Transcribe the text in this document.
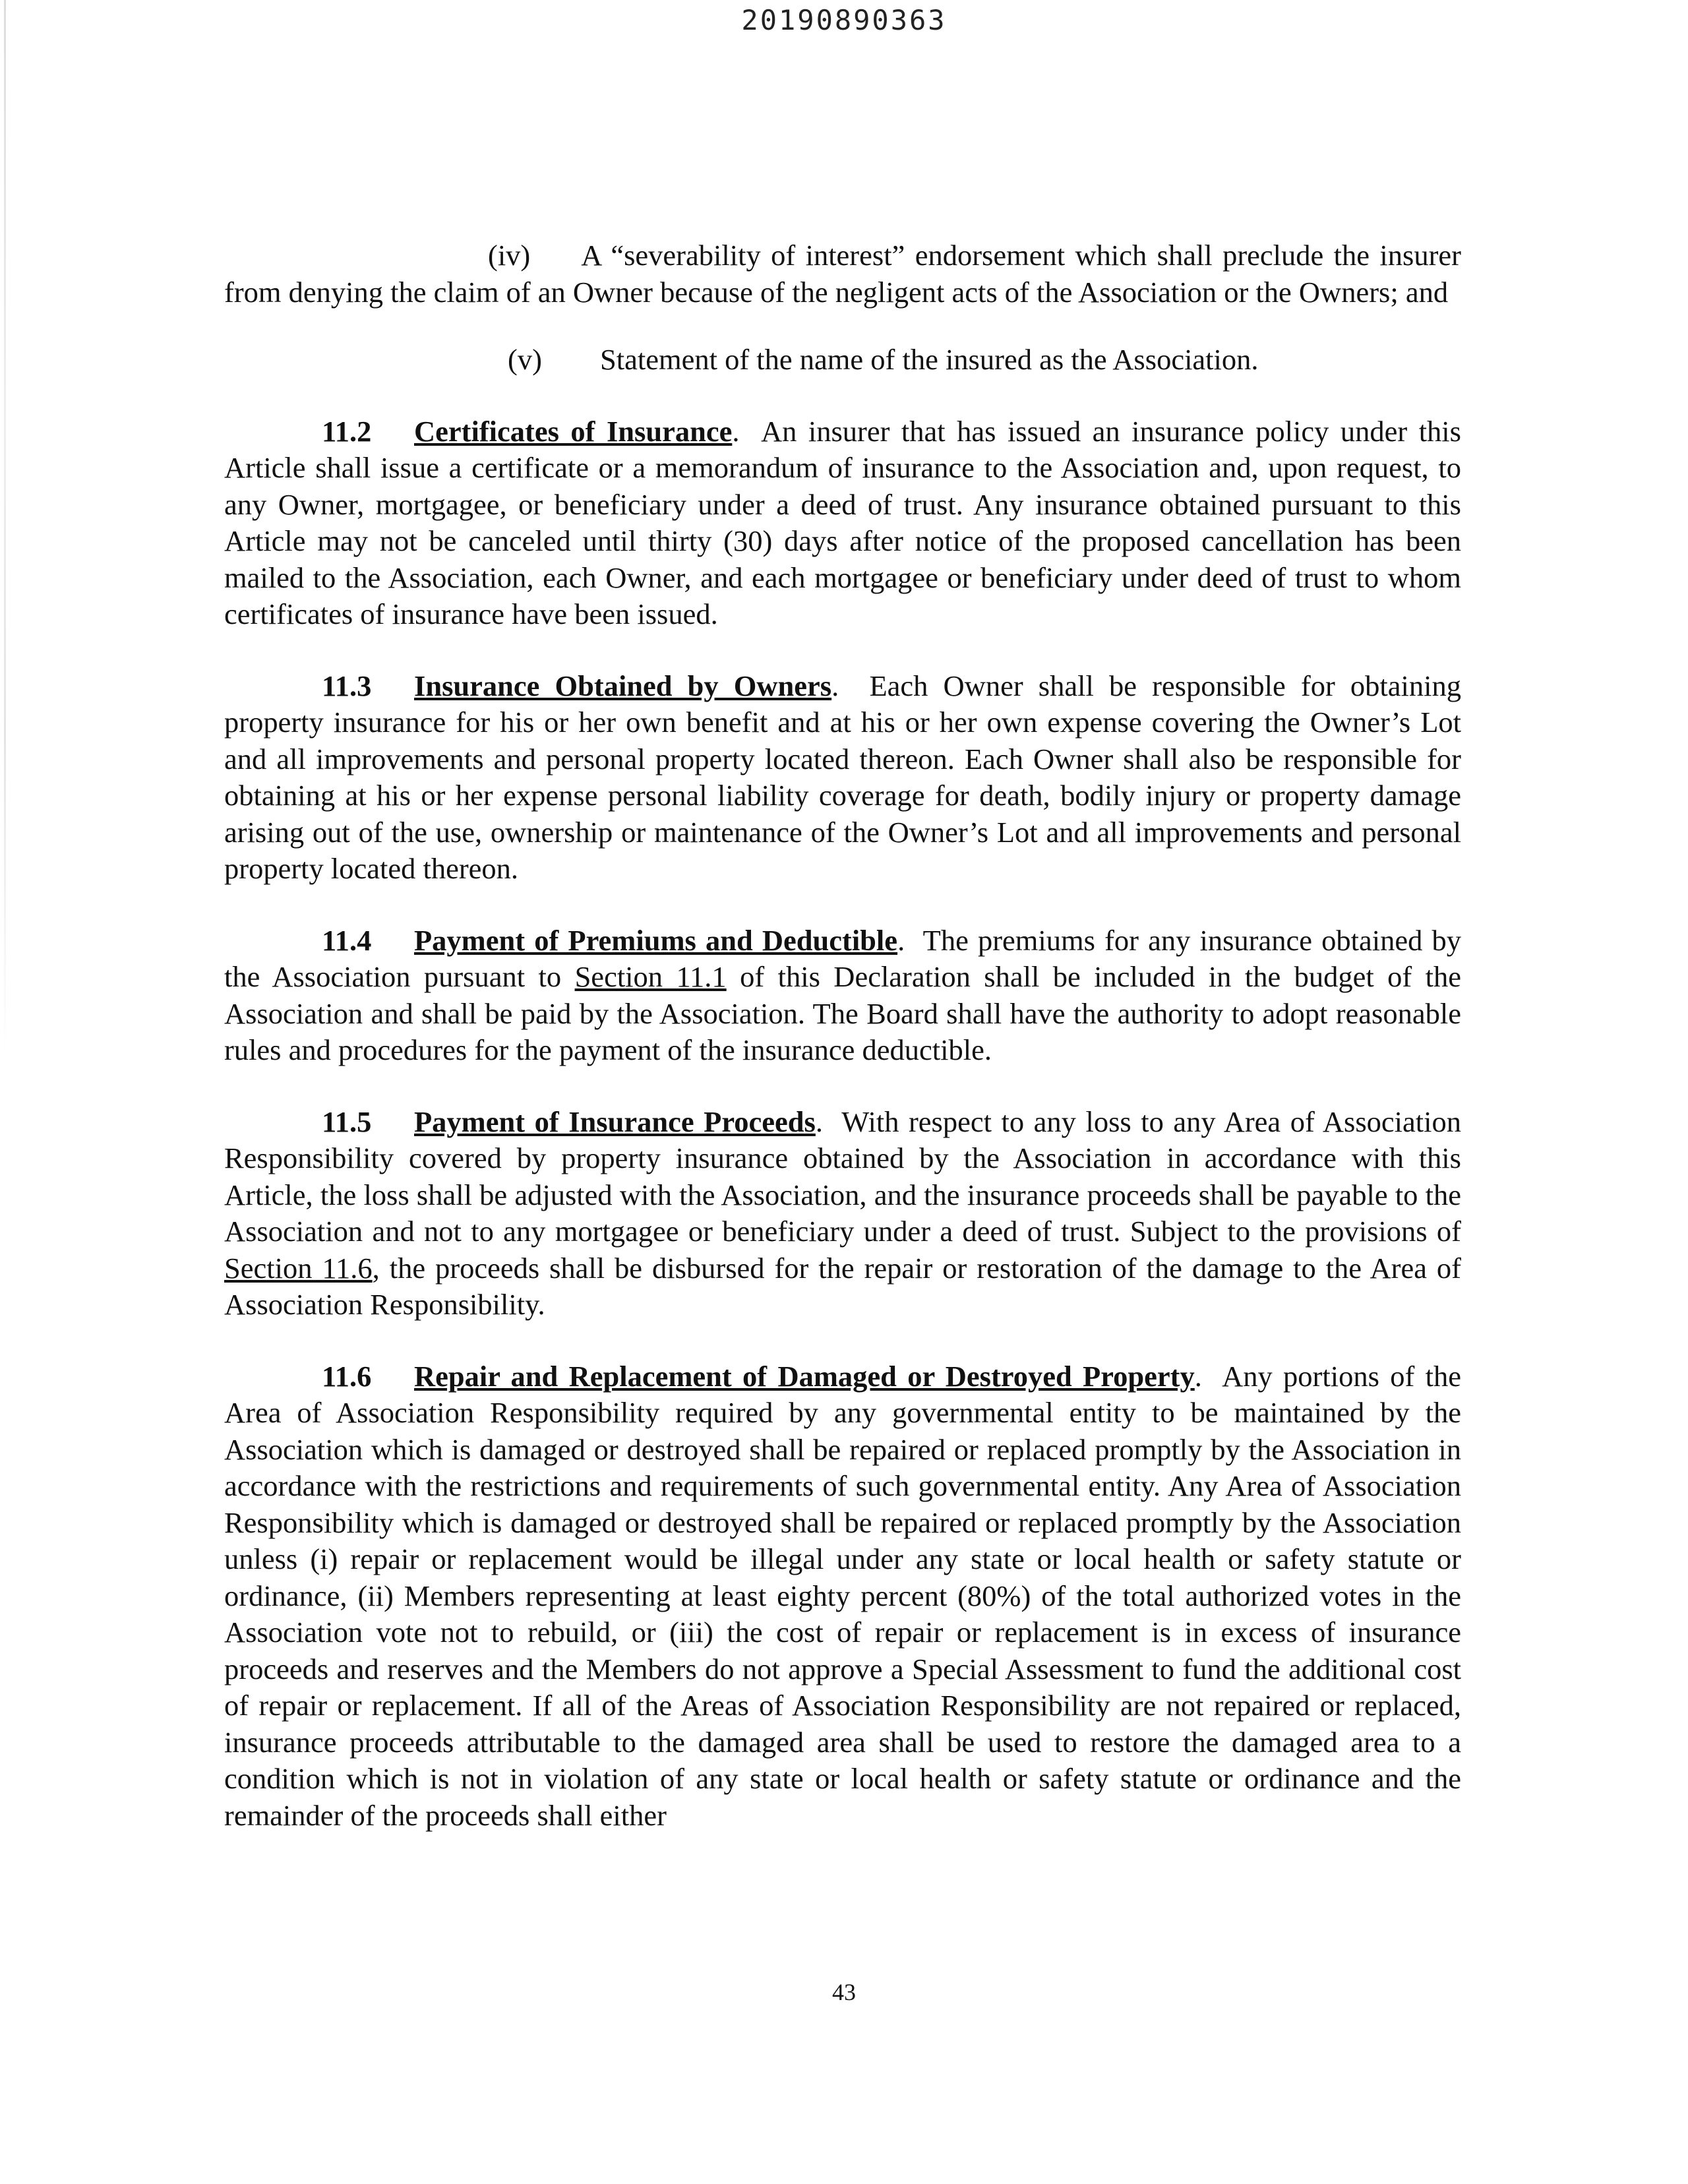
20190890363

(iv) A “severability of interest” endorsement which shall preclude the insurer from denying the claim of an Owner because of the negligent acts of the Association or the Owners; and

(v) Statement of the name of the insured as the Association.

11.2 Certificates of Insurance.  An insurer that has issued an insurance policy under this Article shall issue a certificate or a memorandum of insurance to the Association and, upon request, to any Owner, mortgagee, or beneficiary under a deed of trust. Any insurance obtained pursuant to this Article may not be canceled until thirty (30) days after notice of the proposed cancellation has been mailed to the Association, each Owner, and each mortgagee or beneficiary under deed of trust to whom certificates of insurance have been issued.

11.3 Insurance Obtained by Owners.  Each Owner shall be responsible for obtaining property insurance for his or her own benefit and at his or her own expense covering the Owner’s Lot and all improvements and personal property located thereon. Each Owner shall also be responsible for obtaining at his or her expense personal liability coverage for death, bodily injury or property damage arising out of the use, ownership or maintenance of the Owner’s Lot and all improvements and personal property located thereon.

11.4 Payment of Premiums and Deductible.  The premiums for any insurance obtained by the Association pursuant to Section 11.1 of this Declaration shall be included in the budget of the Association and shall be paid by the Association. The Board shall have the authority to adopt reasonable rules and procedures for the payment of the insurance deductible.

11.5 Payment of Insurance Proceeds.  With respect to any loss to any Area of Association Responsibility covered by property insurance obtained by the Association in accordance with this Article, the loss shall be adjusted with the Association, and the insurance proceeds shall be payable to the Association and not to any mortgagee or beneficiary under a deed of trust. Subject to the provisions of Section 11.6, the proceeds shall be disbursed for the repair or restoration of the damage to the Area of Association Responsibility.

11.6 Repair and Replacement of Damaged or Destroyed Property.  Any portions of the Area of Association Responsibility required by any governmental entity to be maintained by the Association which is damaged or destroyed shall be repaired or replaced promptly by the Association in accordance with the restrictions and requirements of such governmental entity. Any Area of Association Responsibility which is damaged or destroyed shall be repaired or replaced promptly by the Association unless (i) repair or replacement would be illegal under any state or local health or safety statute or ordinance, (ii) Members representing at least eighty percent (80%) of the total authorized votes in the Association vote not to rebuild, or (iii) the cost of repair or replacement is in excess of insurance proceeds and reserves and the Members do not approve a Special Assessment to fund the additional cost of repair or replacement. If all of the Areas of Association Responsibility are not repaired or replaced, insurance proceeds attributable to the damaged area shall be used to restore the damaged area to a condition which is not in violation of any state or local health or safety statute or ordinance and the remainder of the proceeds shall either

43
